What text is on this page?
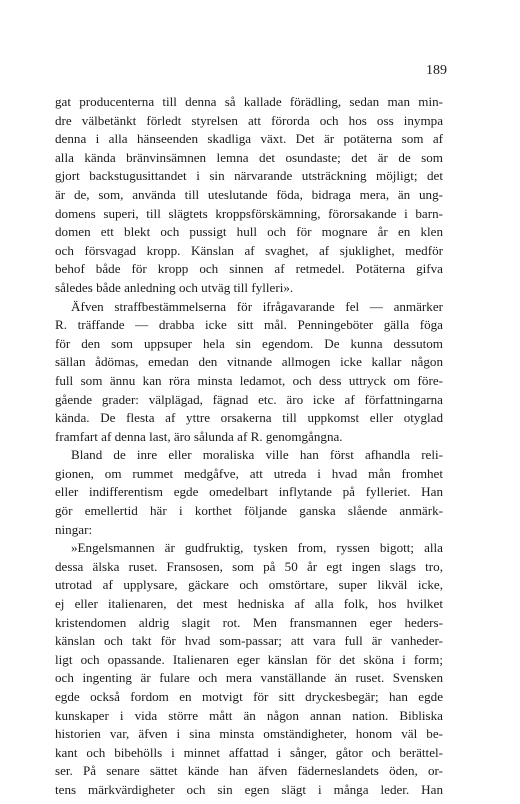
189
gat producenterna till denna så kallade förädling, sedan man min-
dre välbetänkt förledt styrelsen att förorda och hos oss inympa
denna i alla hänseenden skadliga växt. Det är potäterna som af
alla kända bränvinsämnen lemna det osundaste; det är de som
gjort backstugusittandet i sin närvarande utsträckning möjligt; det
är de, som, använda till uteslutande föda, bidraga mera, än ung-
domens superi, till slägtets kroppsförskämning, förorsakande i barn-
domen ett blekt och pussigt hull och för mognare år en klen
och försvagad kropp. Känslan af svaghet, af sjuklighet, medför
behof både för kropp och sinnen af retmedel. Potäterna gifva
således både anledning och utväg till fylleri».
Äfven straffbestämmelserna för ifrågavarande fel — anmärker
R. träffande — drabba icke sitt mål. Penningeböter gälla föga
för den som uppsuper hela sin egendom. De kunna dessutom
sällan ådömas, emedan den vitnande allmogen icke kallar någon
full som ännu kan röra minsta ledamot, och dess uttryck om före-
gående grader: välplägad, fägnad etc. äro icke af författningarna
kända. De flesta af yttre orsakerna till uppkomst eller otyglad
framfart af denna last, äro sålunda af R. genomgångna.
Bland de inre eller moraliska ville han först afhandla reli-
gionen, om rummet medgåfve, att utreda i hvad mån fromhet
eller indifferentism egde omedelbart inflytande på fylleriet. Han
gör emellertid här i korthet följande ganska slående anmärk-
ningar:
»Engelsmannen är gudfruktig, tysken from, ryssen bigott; alla
dessa älska ruset. Fransosen, som på 50 år egt ingen slags tro,
utrotad af upplysare, gäckare och omstörtare, super likväl icke,
ej eller italienaren, det mest hedniska af alla folk, hos hvilket
kristendomen aldrig slagit rot. Men fransmannen eger heders-
känslan och takt för hvad som-passar; att vara full är vanheder-
ligt och opassande. Italienaren eger känslan för det sköna i form;
och ingenting är fulare och mera vanställande än ruset. Svensken
egde också fordom en motvigt för sitt dryckesbegär; han egde
kunskaper i vida större mått än någon annan nation. Bibliska
historien var, äfven i sina minsta omständigheter, honom väl be-
kant och bibehölls i minnet affattad i sånger, gåtor och berättel-
ser. På senare sättet kände han äfven fäderneslandets öden, or-
tens märkvärdigheter och sin egen slägt i många leder. Han
